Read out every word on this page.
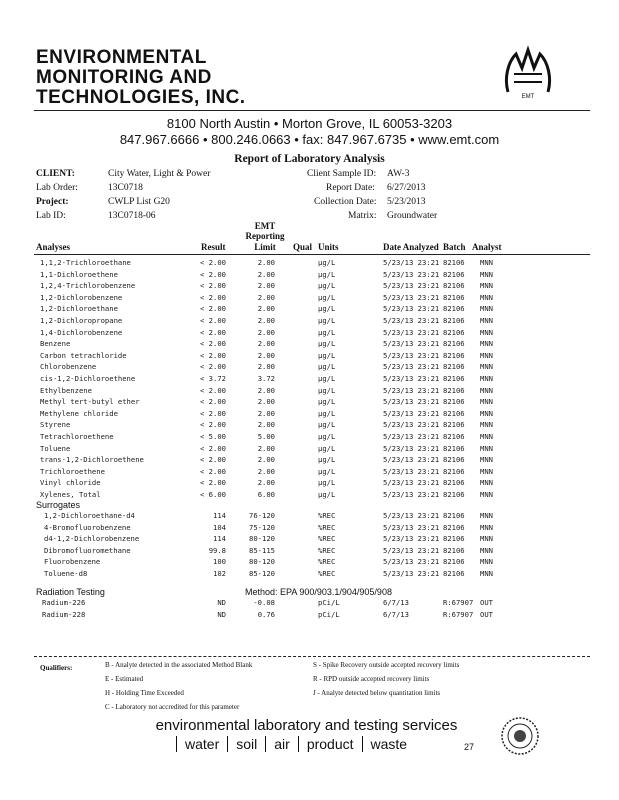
ENVIRONMENTAL
MONITORING AND
TECHNOLOGIES, INC.	EMT
8100 North Austin • Morton Grove, IL 60053-3203
847.967.6666 • 800.246.0663 • fax: 847.967.6735 • www.emt.com
Report of Laboratory Analysis
CLIENT:	City Water, Light & Power
Lab Order:	13C0718
Project:	CWLP List G20
Lab ID:	13C0718-06
Client Sample ID: AW-3
Report Date: 6/27/2013
Collection Date: 5/23/2013
Matrix: Groundwater
Analyses	Result
EMT
Reporting
Limit	Qual Units	Date Analyzed Batch Analyst
1,1,2-Trichloroethane	< 2.00	2.00	µg/L	5/23/13 23:21 82106	MNN
1,1-Dichloroethene	< 2.00	2.00	µg/L	5/23/13 23:21 82106	MNN
1,2,4-Trichlorobenzene	< 2.00	2.00	µg/L	5/23/13 23:21 82106	MNN
1,2-Dichlorobenzene	< 2.00	2.00	µg/L	5/23/13 23:21 82106	MNN
1,2-Dichloroethane	< 2.00	2.00	µg/L	5/23/13 23:21 82106	MNN
1,2-Dichloropropane	< 2.00	2.00	µg/L	5/23/13 23:21 82106	MNN
1,4-Dichlorobenzene	< 2.00	2.00	µg/L	5/23/13 23:21 82106	MNN
Benzene	< 2.00	2.00	µg/L	5/23/13 23:21 82106	MNN
Carbon tetrachloride	< 2.00	2.00	µg/L	5/23/13 23:21 82106	MNN
Chlorobenzene	< 2.00	2.00	µg/L	5/23/13 23:21 82106	MNN
cis-1,2-Dichloroethene	< 3.72	3.72	µg/L	5/23/13 23:21 82106	MNN
Ethylbenzene	< 2.00	2.00	µg/L	5/23/13 23:21 82106	MNN
Methyl tert-butyl ether	< 2.00	2.00	µg/L	5/23/13 23:21 82106	MNN
Methylene chloride	< 2.00	2.00	µg/L	5/23/13 23:21 82106	MNN
Styrene	< 2.00	2.00	µg/L	5/23/13 23:21 82106	MNN
Tetrachloroethene	< 5.00	5.00	µg/L	5/23/13 23:21 82106	MNN
Toluene	< 2.00	2.00	µg/L	5/23/13 23:21 82106	MNN
trans-1,2-Dichloroethene	< 2.00	2.00	µg/L	5/23/13 23:21 82106	MNN
Trichloroethene	< 2.00	2.00	µg/L	5/23/13 23:21 82106	MNN
Vinyl chloride	< 2.00	2.00	µg/L	5/23/13 23:21 82106	MNN
Xylenes, Total	< 6.00	6.00	µg/L	5/23/13 23:21 82106	MNN
Surrogates
1,2-Dichloroethane-d4	114	76-120	%REC	5/23/13 23:21 82106	MNN
4-Bromofluorobenzene	104	75-120	%REC	5/23/13 23:21 82106	MNN
d4-1,2-Dichlorobenzene	114	80-120	%REC	5/23/13 23:21 82106	MNN
Dibromofluoromethane	99.8	85-115	%REC	5/23/13 23:21 82106	MNN
Fluorobenzene	100	80-120	%REC	5/23/13 23:21 82106	MNN
Toluene-d8	102	85-120	%REC	5/23/13 23:21 82106	MNN
Radiation Testing	Method: EPA 900/903.1/904/905/908
Radium-226	ND	-0.08	pCi/L	6/7/13	R:67907 OUT
Radium-228	ND	0.76	pCi/L	6/7/13	R:67907 OUT
Qualifiers:	B - Analyte detected in the associated Method Blank
E - Estimated
H - Holding Time Exceeded
C - Laboratory not accredited for this parameter
S - Spike Recovery outside accepted recovery limits
R - RPD outside accepted recovery limits
J - Analyte detected below quantitation limits
environmental laboratory and testing services
water soil air product waste	27
